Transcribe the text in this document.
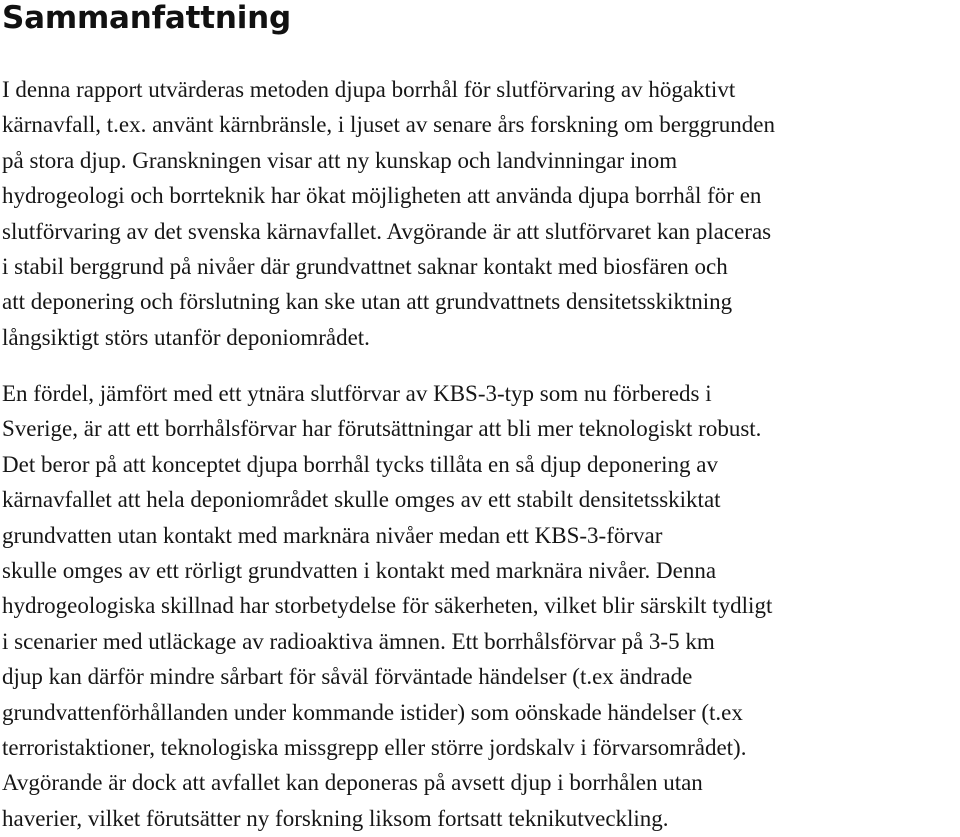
Sammanfattning
I denna rapport utvärderas metoden djupa borrhål för slutförvaring av högaktivt
kärnavfall, t.ex. använt kärnbränsle, i ljuset av senare års forskning om berggrunden
på stora djup. Granskningen visar att ny kunskap och landvinningar inom
hydrogeologi och borrteknik har ökat möjligheten att använda djupa borrhål för en
slutförvaring av det svenska kärnavfallet. Avgörande är att slutförvaret kan placeras
i stabil berggrund på nivåer där grundvattnet saknar kontakt med biosfären och
att deponering och förslutning kan ske utan att grundvattnets densitetsskiktning
långsiktigt störs utanför deponiområdet.
En fördel, jämfört med ett ytnära slutförvar av KBS-3-typ som nu förbereds i
Sverige, är att ett borrhålsförvar har förutsättningar att bli mer teknologiskt robust.
Det beror på att konceptet djupa borrhål tycks tillåta en så djup deponering av
kärnavfallet att hela deponiområdet skulle omges av ett stabilt densitetsskiktat
grundvatten utan kontakt med marknära nivåer medan ett KBS-3-förvar
skulle omges av ett rörligt grundvatten i kontakt med marknära nivåer. Denna
hydrogeologiska skillnad har storbetydelse för säkerheten, vilket blir särskilt tydligt
i scenarier med utläckage av radioaktiva ämnen. Ett borrhålsförvar på 3-5 km
djup kan därför mindre sårbart för såväl förväntade händelser (t.ex ändrade
grundvattenförhållanden under kommande istider) som oönskade händelser (t.ex
terroristaktioner, teknologiska missgrepp eller större jordskalv i förvarsområdet).
Avgörande är dock att avfallet kan deponeras på avsett djup i borrhålen utan
haverier, vilket förutsätter ny forskning liksom fortsatt teknikutveckling.
